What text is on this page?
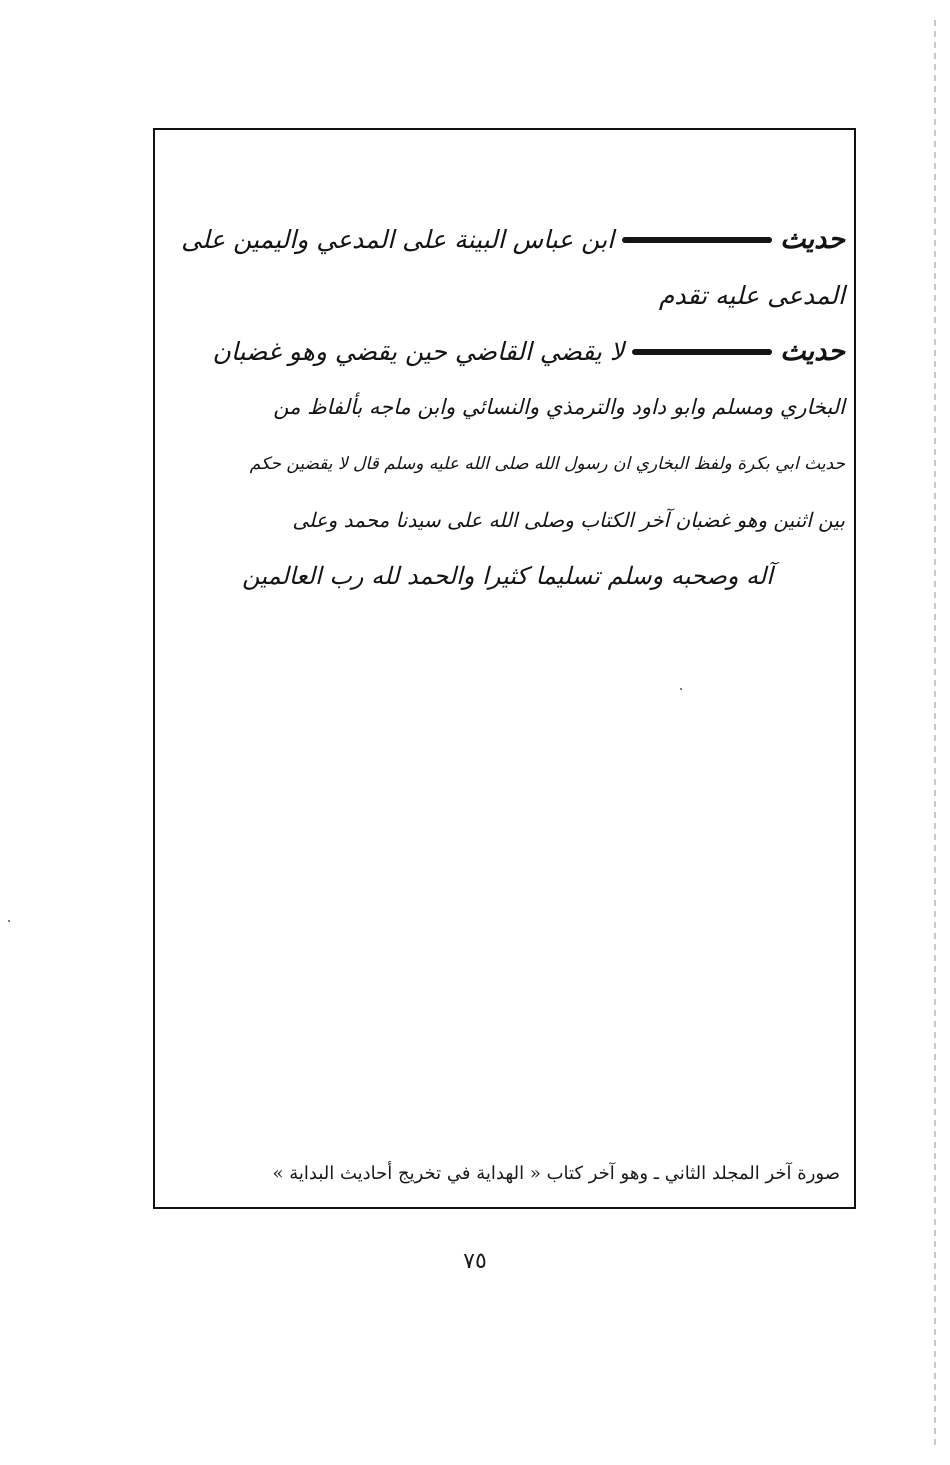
حديث
ابن عباس البينة على المدعي واليمين على
المدعى عليه تقدم
حديث
لا يقضي القاضي حين يقضي وهو غضبان
البخاري ومسلم وابو داود والترمذي والنسائي وابن ماجه بألفاظ من
حديث ابي بكرة ولفظ البخاري ان رسول الله صلى الله عليه وسلم قال لا يقضين حكم
بين اثنين وهو غضبان آخر الكتاب وصلى الله على سيدنا محمد وعلى
آله وصحبه وسلم تسليما كثيرا والحمد لله رب العالمين
صورة آخر المجلد الثاني ـ وهو آخر كتاب « الهداية في تخريج أحاديث البداية »
٧٥
